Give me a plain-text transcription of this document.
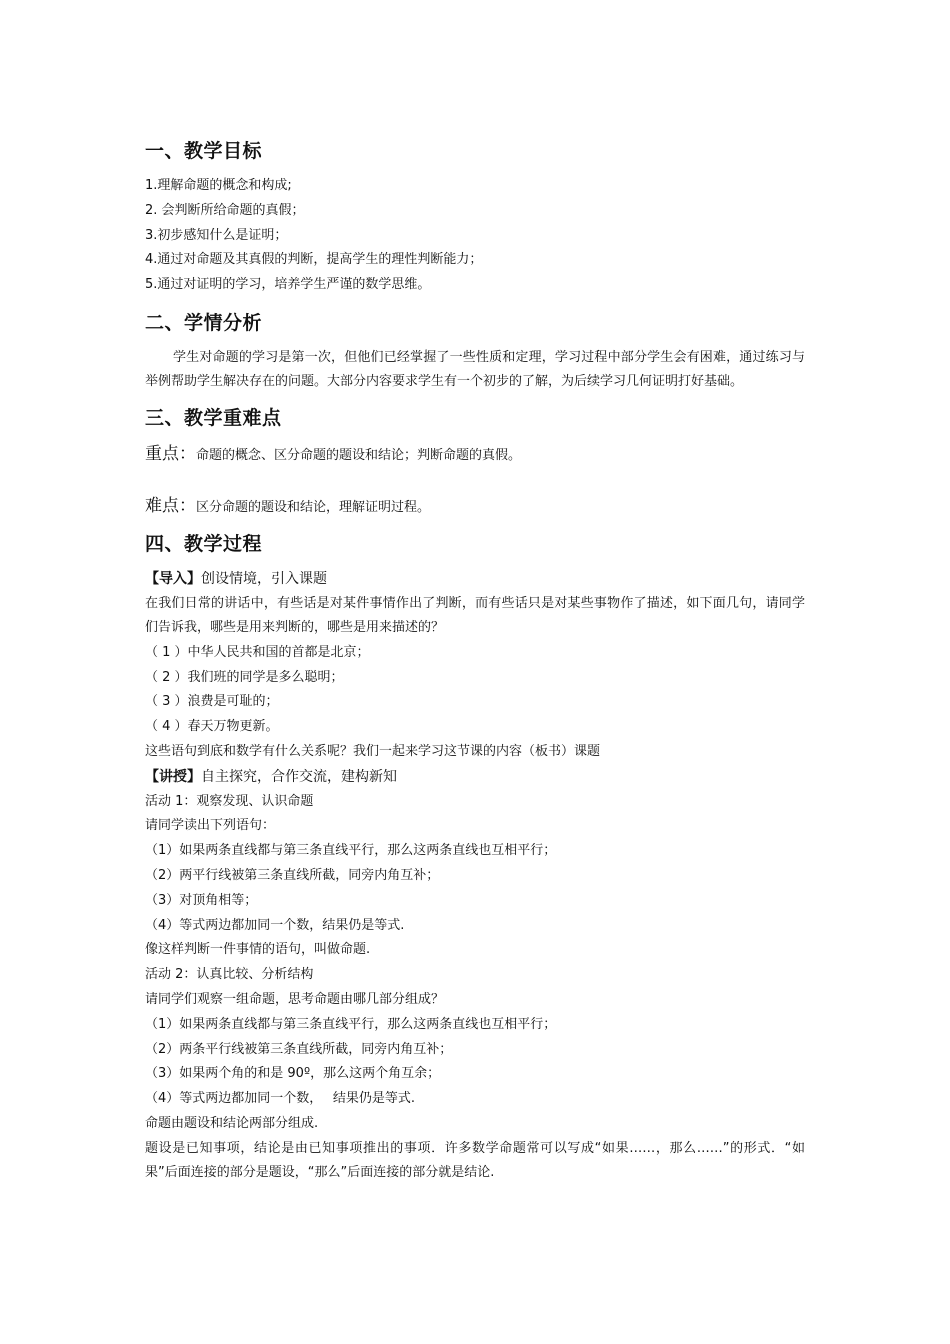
一、教学目标

1.理解命题的概念和构成;

2. 会判断所给命题的真假；

3.初步感知什么是证明；

4.通过对命题及其真假的判断，提高学生的理性判断能力；

5.通过对证明的学习，培养学生严谨的数学思维。

二、学情分析

学生对命题的学习是第一次，但他们已经掌握了一些性质和定理，学习过程中部分学生会有困难，通过练习与举例帮助学生解决存在的问题。大部分内容要求学生有一个初步的了解，为后续学习几何证明打好基础。

三、教学重难点

重点：命题的概念、区分命题的题设和结论；判断命题的真假。

难点：区分命题的题设和结论，理解证明过程。

四、教学过程

【导入】创设情境，引入课题

在我们日常的讲话中，有些话是对某件事情作出了判断，而有些话只是对某些事物作了描述，如下面几句，请同学们告诉我，哪些是用来判断的，哪些是用来描述的？

（ 1 ）中华人民共和国的首都是北京；

（ 2 ）我们班的同学是多么聪明；

（ 3 ）浪费是可耻的；

（ 4 ）春天万物更新。

这些语句到底和数学有什么关系呢？我们一起来学习这节课的内容（板书）课题

【讲授】自主探究，合作交流，建构新知

活动 1：观察发现、认识命题

请同学读出下列语句：

（1）如果两条直线都与第三条直线平行，那么这两条直线也互相平行；

（2）两平行线被第三条直线所截，同旁内角互补；

（3）对顶角相等；

（4）等式两边都加同一个数，结果仍是等式.

像这样判断一件事情的语句，叫做命题.

活动 2：认真比较、分析结构

请同学们观察一组命题，思考命题由哪几部分组成？

（1）如果两条直线都与第三条直线平行，那么这两条直线也互相平行；

（2）两条平行线被第三条直线所截，同旁内角互补；

（3）如果两个角的和是 90º，那么这两个角互余；

（4）等式两边都加同一个数，　 结果仍是等式.

命题由题设和结论两部分组成.

题设是已知事项，结论是由已知事项推出的事项．许多数学命题常可以写成“如果……，那么……”的形式．“如果”后面连接的部分是题设，“那么”后面连接的部分就是结论.
